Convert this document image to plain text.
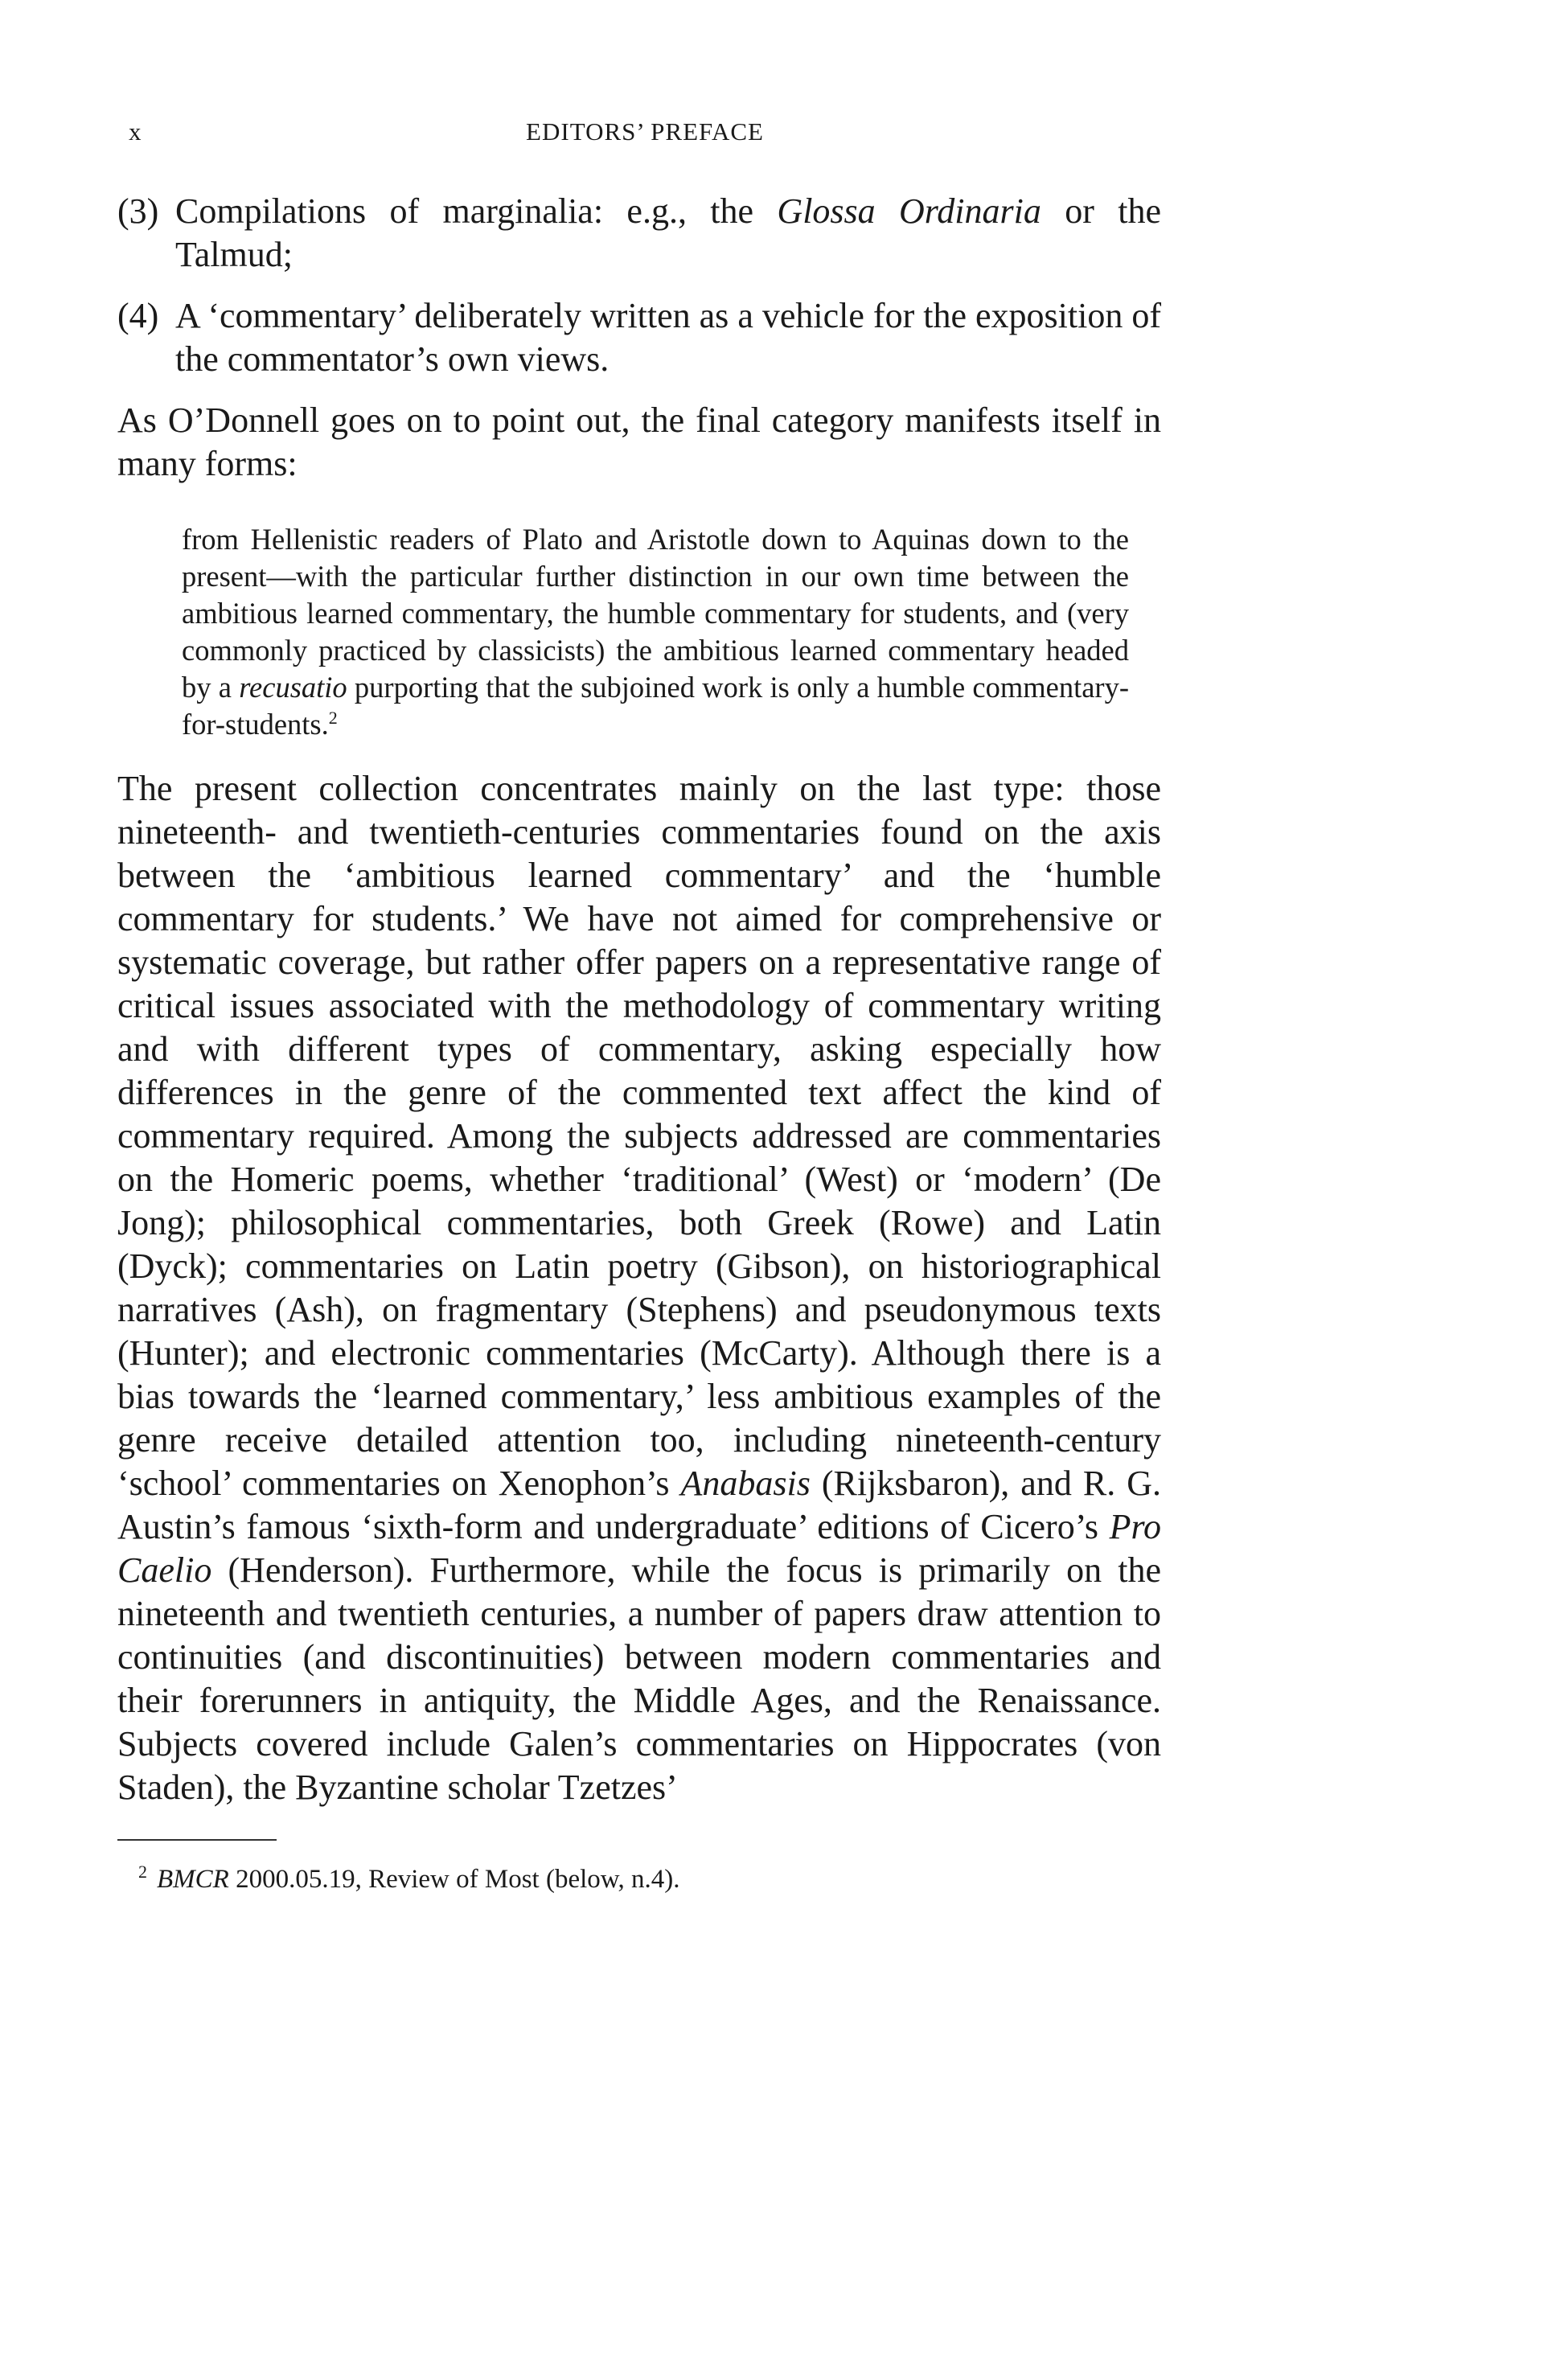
x	EDITORS’ PREFACE

(3) Compilations of marginalia: e.g., the Glossa Ordinaria or the Talmud;

(4) A ‘commentary’ deliberately written as a vehicle for the exposition of the commentator’s own views.

As O’Donnell goes on to point out, the final category manifests itself in many forms:

from Hellenistic readers of Plato and Aristotle down to Aquinas down to the present—with the particular further distinction in our own time between the ambitious learned commentary, the humble commentary for students, and (very commonly practiced by classicists) the ambitious learned commentary headed by a recusatio purporting that the subjoined work is only a humble commentary-for-students.$^2$

The present collection concentrates mainly on the last type: those nineteenth- and twentieth-centuries commentaries found on the axis between the ‘ambitious learned commentary’ and the ‘humble commentary for students.’ We have not aimed for comprehensive or systematic coverage, but rather offer papers on a representative range of critical issues associated with the methodology of commentary writing and with different types of commentary, asking especially how differences in the genre of the commented text affect the kind of commentary required. Among the subjects addressed are commentaries on the Homeric poems, whether ‘traditional’ (West) or ‘modern’ (De Jong); philosophical commentaries, both Greek (Rowe) and Latin (Dyck); commentaries on Latin poetry (Gibson), on historiographical narratives (Ash), on fragmentary (Stephens) and pseudonymous texts (Hunter); and electronic commentaries (McCarty). Although there is a bias towards the ‘learned commentary,’ less ambitious examples of the genre receive detailed attention too, including nineteenth-century ‘school’ commentaries on Xenophon’s Anabasis (Rijksbaron), and R. G. Austin’s famous ‘sixth-form and undergraduate’ editions of Cicero’s Pro Caelio (Henderson). Furthermore, while the focus is primarily on the nineteenth and twentieth centuries, a number of papers draw attention to continuities (and discontinuities) between modern commentaries and their forerunners in antiquity, the Middle Ages, and the Renaissance. Subjects covered include Galen’s commentaries on Hippocrates (von Staden), the Byzantine scholar Tzetzes’

$^2$ BMCR 2000.05.19, Review of Most (below, n.4).
